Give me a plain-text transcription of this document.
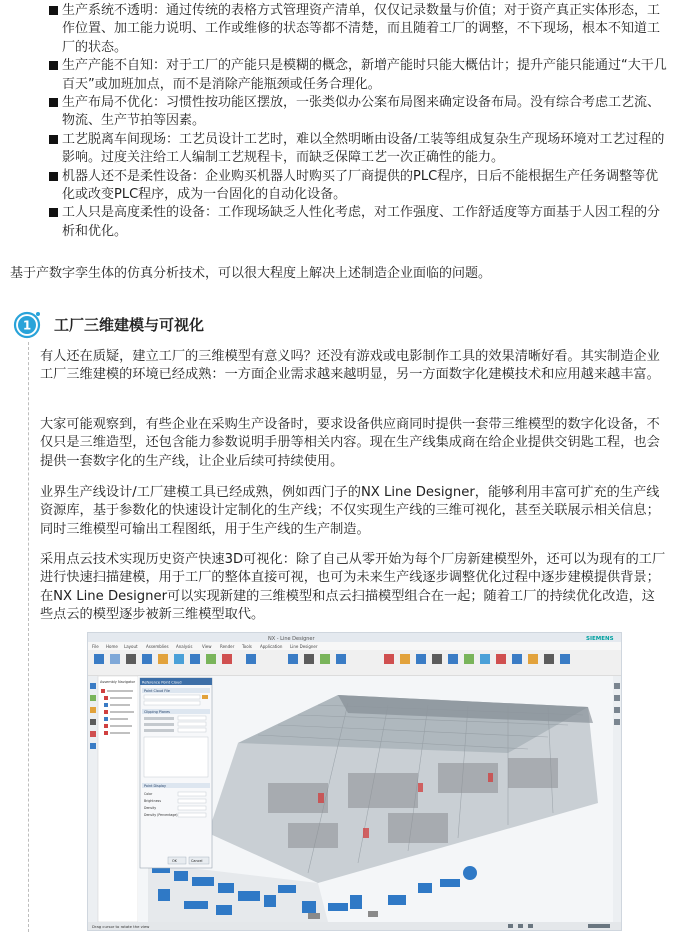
生产系统不透明：通过传统的表格方式管理资产清单，仅仅记录数量与价值；对于资产真正实体形态，工作位置、加工能力说明、工作或维修的状态等都不清楚，而且随着工厂的调整，不下现场，根本不知道工厂的状态。
生产产能不自知：对于工厂的产能只是模糊的概念，新增产能时只能大概估计；提升产能只能通过“大干几百天”或加班加点，而不是消除产能瓶颈或任务合理化。
生产布局不优化：习惯性按功能区摆放，一张类似办公案布局图来确定设备布局。没有综合考虑工艺流、物流、生产节拍等因素。
工艺脱离车间现场：工艺员设计工艺时，难以全然明晰由设备/工装等组成复杂生产现场环境对工艺过程的影响。过度关注给工人编制工艺规程卡，而缺乏保障工艺一次正确性的能力。
机器人还不是柔性设备：企业购买机器人时购买了厂商提供的PLC程序，日后不能根据生产任务调整等优化或改变PLC程序，成为一台固化的自动化设备。
工人只是高度柔性的设备：工作现场缺乏人性化考虑，对工作强度、工作舒适度等方面基于人因工程的分析和优化。

基于产数字孪生体的仿真分析技术，可以很大程度上解决上述制造企业面临的问题。

1 工厂三维建模与可视化

有人还在质疑，建立工厂的三维模型有意义吗？还没有游戏或电影制作工具的效果清晰好看。其实制造企业工厂三维建模的环境已经成熟：一方面企业需求越来越明显，另一方面数字化建模技术和应用越来越丰富。

大家可能观察到，有些企业在采购生产设备时，要求设备供应商同时提供一套带三维模型的数字化设备，不仅只是三维造型，还包含能力参数说明手册等相关内容。现在生产线集成商在给企业提供交钥匙工程，也会提供一套数字化的生产线，让企业后续可持续使用。

业界生产线设计/工厂建模工具已经成熟，例如西门子的NX Line Designer，能够利用丰富可扩充的生产线资源库，基于参数化的快速设计定制化的生产线；不仅实现生产线的三维可视化，甚至关联展示相关信息；同时三维模型可输出工程图纸，用于生产线的生产制造。

采用点云技术实现历史资产快速3D可视化：除了自己从零开始为每个厂房新建模型外，还可以为现有的工厂进行快速扫描建模，用于工厂的整体直接可视，也可为未来生产线逐步调整优化过程中逐步建模提供背景；在NX Line Designer可以实现新建的三维模型和点云扫描模型组合在一起；随着工厂的持续优化改造，这些点云的模型逐步被新三维模型取代。

NX - Line Designer	SIEMENS
File Home Layout Assemblies Analysis View Render Tools Application Line Designer
Assembly Navigator Reference Point Cloud
Point Cloud File
Clipping Planes
Point Display
Color
Brightness
Density
Density (Percentage)
OK	Cancel
Drag cursor to rotate the view
